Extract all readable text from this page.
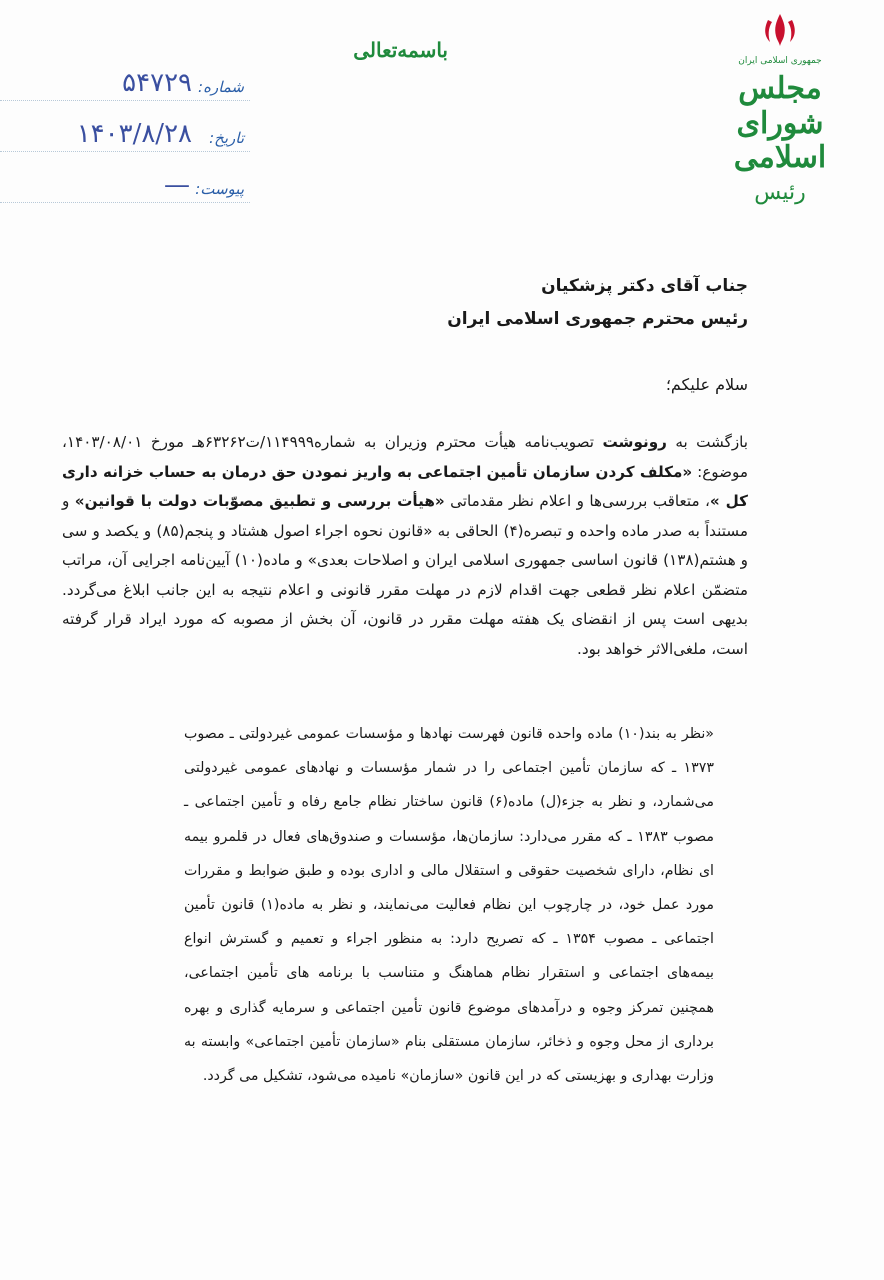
جمهوری اسلامی ایران
مجلس شورای اسلامی
رئیس
باسمه‌تعالی
شماره:
۵۴۷۲۹
تاریخ:
۱۴۰۳/۸/۲۸
پیوست:
—
جناب آقای دکتر پزشکیان
رئیس محترم جمهوری اسلامی ایران
سلام علیکم؛
بازگشت به رونوشت تصویب‌نامه هیأت محترم وزیران به شماره۱۱۴۹۹۹/ت۶۳۲۶۲هـ مورخ ۱۴۰۳/۰۸/۰۱، موضوع: «مکلف کردن سازمان تأمین اجتماعی به واریز نمودن حق درمان به حساب خزانه داری کل »، متعاقب بررسی‌ها و اعلام نظر مقدماتی «هیأت بررسی و تطبیق مصوّبات دولت با قوانین» و مستنداً به صدر ماده واحده و تبصره(۴) الحاقی به «قانون نحوه اجراء اصول هشتاد و پنجم(۸۵) و یکصد و سی و هشتم(۱۳۸) قانون اساسی جمهوری اسلامی ایران و اصلاحات بعدی» و ماده(۱۰) آیین‌نامه اجرایی آن، مراتب متضمّن اعلام نظر قطعی جهت اقدام لازم در مهلت مقرر قانونی و اعلام نتیجه به این جانب ابلاغ می‌گردد. بدیهی است پس از انقضای یک هفته مهلت مقرر در قانون، آن بخش از مصوبه که مورد ایراد قرار گرفته است، ملغی‌الاثر خواهد بود.
«نظر به بند(۱۰) ماده واحده قانون فهرست نهادها و مؤسسات عمومی غیردولتی ـ مصوب ۱۳۷۳ ـ که سازمان تأمین اجتماعی را در شمار مؤسسات و نهادهای عمومی غیردولتی می‌شمارد، و نظر به جزء(ل) ماده(۶) قانون ساختار نظام جامع رفاه و تأمین اجتماعی ـ مصوب ۱۳۸۳ ـ که مقرر می‌دارد: سازمان‌ها، مؤسسات و صندوق‌های فعال در قلمرو بیمه ای نظام، دارای شخصیت حقوقی و استقلال مالی و اداری بوده و طبق ضوابط و مقررات مورد عمل خود، در چارچوب این نظام فعالیت می‌نمایند، و نظر به ماده(۱) قانون تأمین اجتماعی ـ مصوب ۱۳۵۴ ـ که تصریح دارد: به منظور اجراء و تعمیم و گسترش انواع بیمه‌های اجتماعی و استقرار نظام هماهنگ و متناسب با برنامه های تأمین اجتماعی، همچنین تمرکز وجوه و درآمدهای موضوع قانون تأمین اجتماعی و سرمایه گذاری و بهره برداری از محل وجوه و ذخائر، سازمان مستقلی بنام «سازمان تأمین اجتماعی» وابسته به وزارت بهداری و بهزیستی که در این قانون «سازمان» نامیده می‌شود، تشکیل می گردد.
